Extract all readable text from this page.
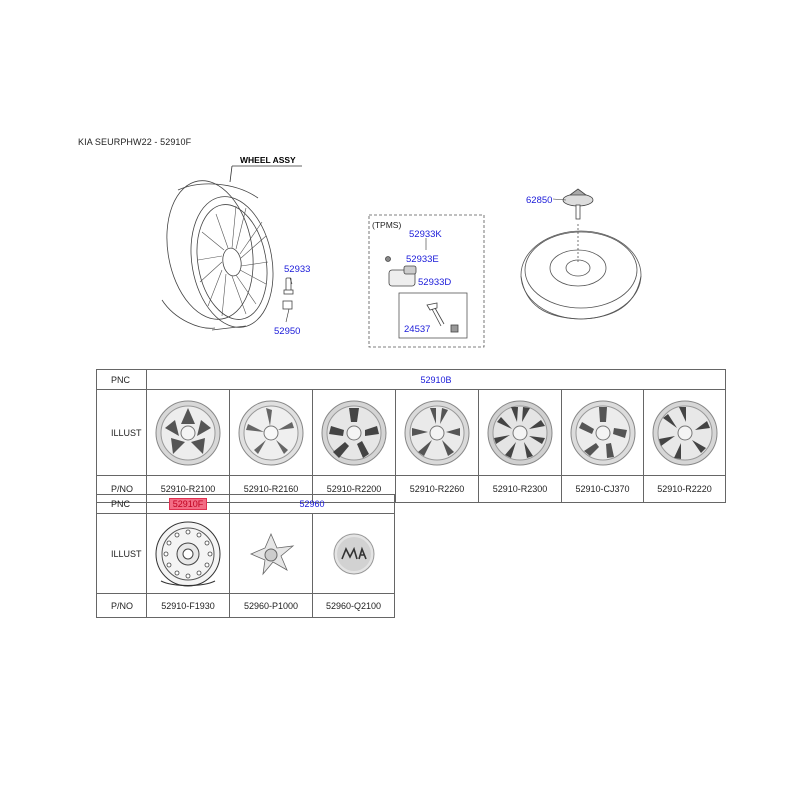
KIA SEURPHW22 - 52910F
WHEEL ASSY
(TPMS)
52933
52950
52933K
52933E
52933D
24537
62850
PNC	52910B						
ILLUST	

P/NO	52910-R2100	52910-R2160	52910-R2200	52910-R2260	52910-R2300	52910-CJ370	52910-R2220
PNC	52910F	52960	
ILLUST	

P/NO	52910-F1930	52960-P1000	52960-Q2100
